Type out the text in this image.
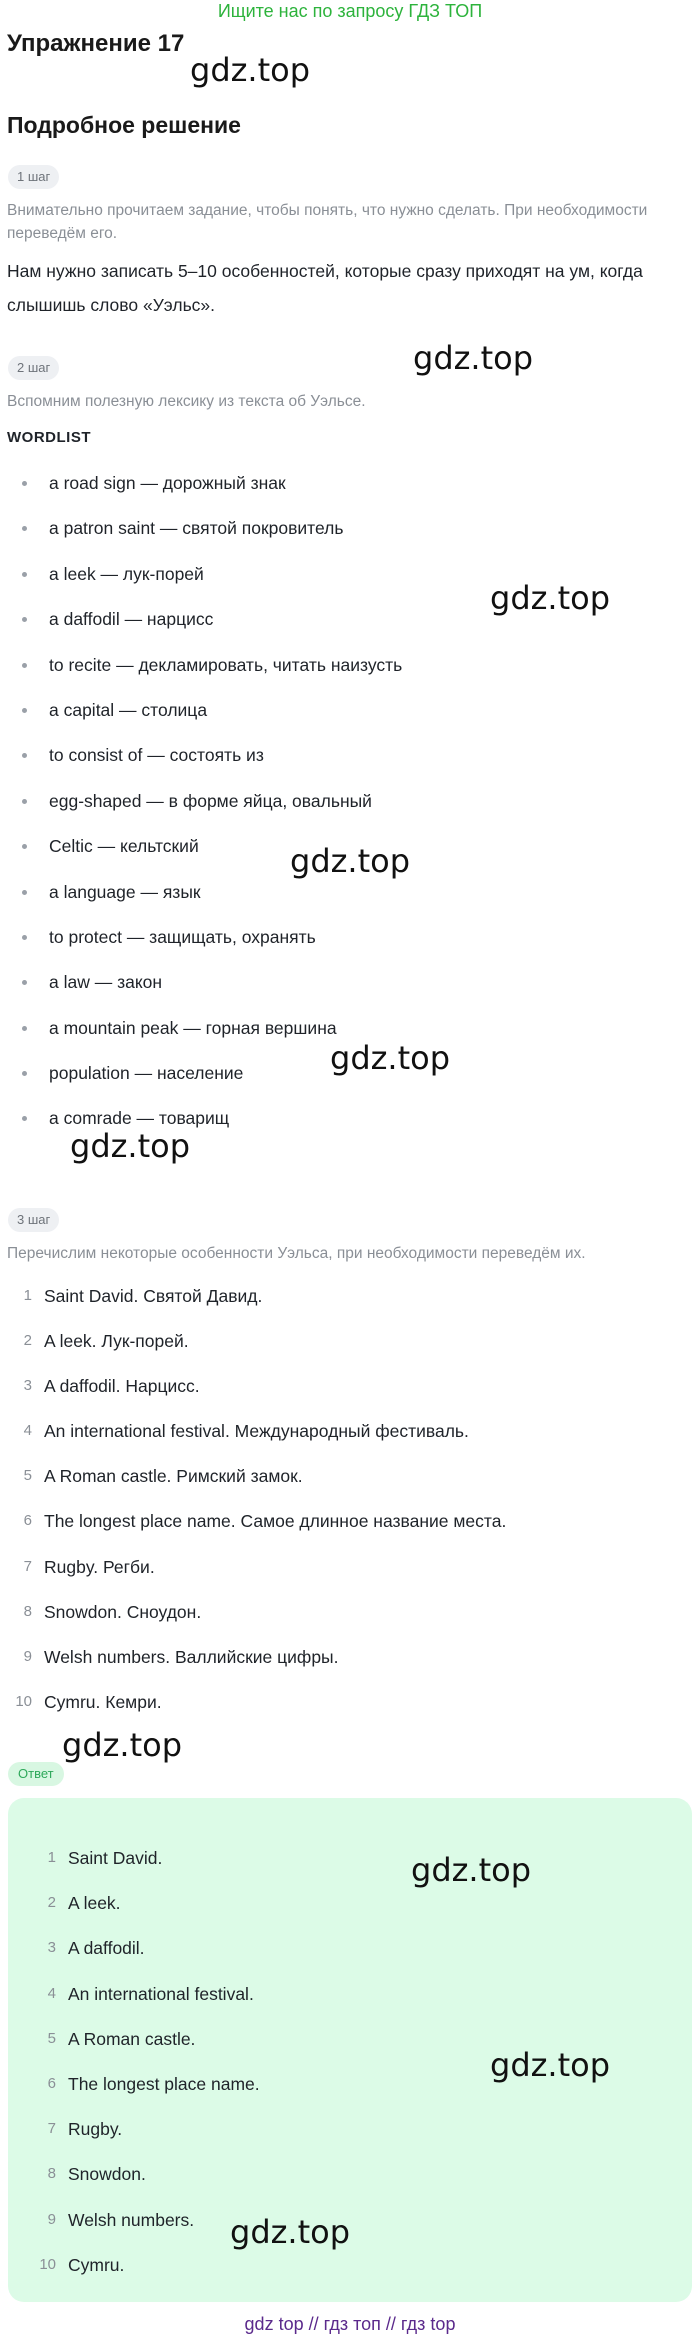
Ищите нас по запросу ГДЗ ТОП
Упражнение 17
Подробное решение
1 шаг

Внимательно прочитаем задание, чтобы понять, что нужно сделать. При необходимости переведём его.

Нам нужно записать 5–10 особенностей, которые сразу приходят на ум, когда слышишь слово «Уэльс».

2 шаг

Вспомним полезную лексику из текста об Уэльсе.

WORDLIST
a road sign — дорожный знак
a patron saint — святой покровитель
a leek — лук-порей
a daffodil — нарцисс
to recite — декламировать, читать наизусть
a capital — столица
to consist of — состоять из
egg-shaped — в форме яйца, овальный
Celtic — кельтский
a language — язык
to protect — защищать, охранять
a law — закон
a mountain peak — горная вершина
population — население
a comrade — товарищ
3 шаг

Перечислим некоторые особенности Уэльса, при необходимости переведём их.

1 Saint David. Святой Давид.
2 A leek. Лук-порей.
3 A daffodil. Нарцисс.
4 An international festival. Международный фестиваль.
5 A Roman castle. Римский замок.
6 The longest place name. Самое длинное название места.
7 Rugby. Регби.
8 Snowdon. Сноудон.
9 Welsh numbers. Валлийские цифры.
10 Cymru. Кемри.
Ответ
1 Saint David.
2 A leek.
3 A daffodil.
4 An international festival.
5 A Roman castle.
6 The longest place name.
7 Rugby.
8 Snowdon.
9 Welsh numbers.
10 Cymru.
gdz.top
gdz.top
gdz.top
gdz.top
gdz.top
gdz.top
gdz.top
gdz.top
gdz.top
gdz.top
gdz top // гдз топ // гдз top
